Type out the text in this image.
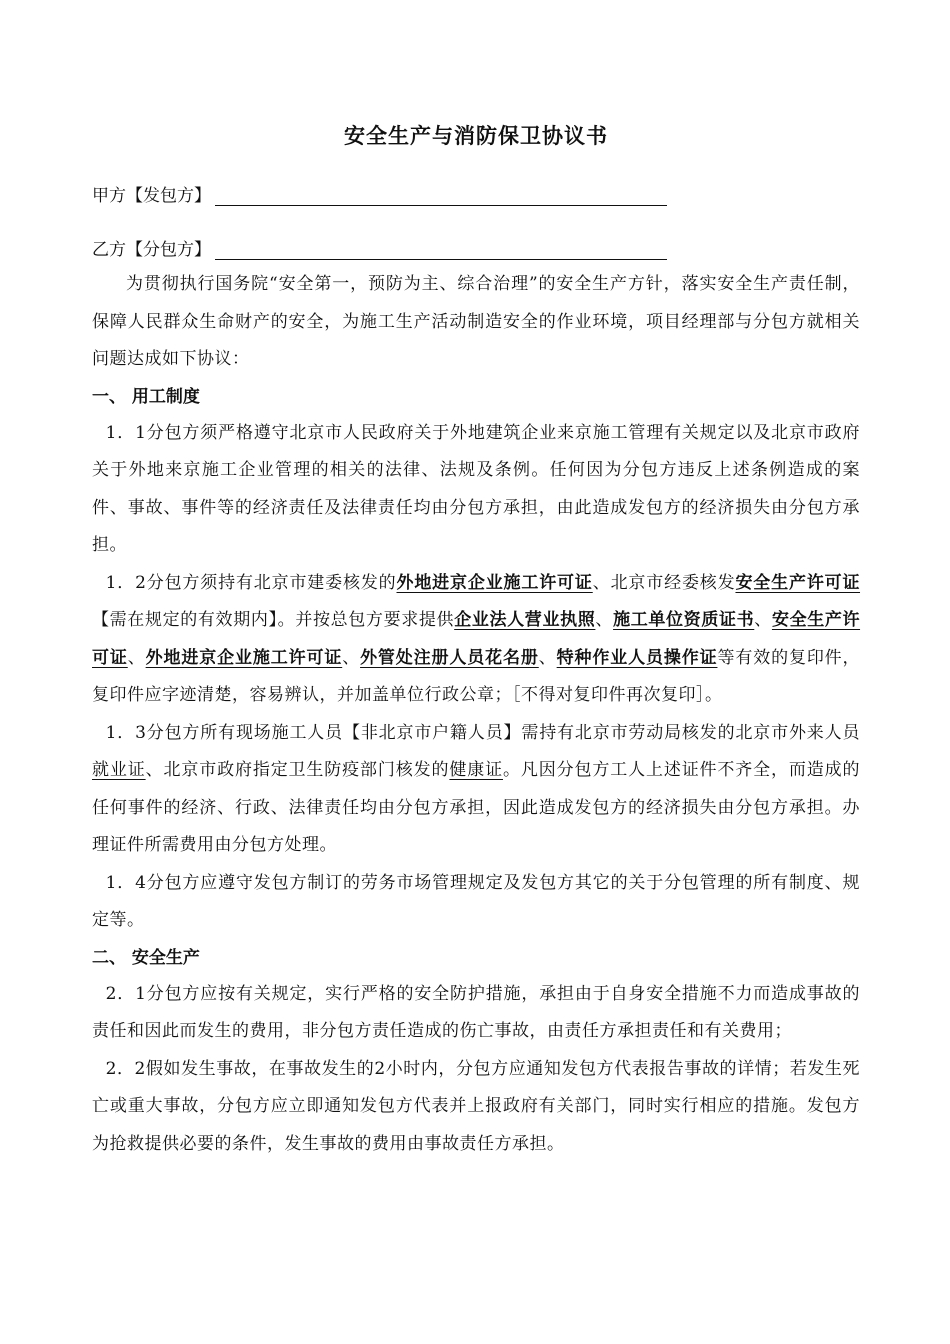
安全生产与消防保卫协议书
甲方【发包方】
乙方【分包方】

为贯彻执行国务院“安全第一，预防为主、综合治理”的安全生产方针，落实安全生产责任制，保障人民群众生命财产的安全，为施工生产活动制造安全的作业环境，项目经理部与分包方就相关问题达成如下协议：

一、 用工制度

1．1分包方须严格遵守北京市人民政府关于外地建筑企业来京施工管理有关规定以及北京市政府关于外地来京施工企业管理的相关的法律、法规及条例。任何因为分包方违反上述条例造成的案件、事故、事件等的经济责任及法律责任均由分包方承担，由此造成发包方的经济损失由分包方承担。

1．2分包方须持有北京市建委核发的外地进京企业施工许可证、北京市经委核发安全生产许可证【需在规定的有效期内】。并按总包方要求提供企业法人营业执照、施工单位资质证书、安全生产许可证、外地进京企业施工许可证、外管处注册人员花名册、特种作业人员操作证等有效的复印件，复印件应字迹清楚，容易辨认，并加盖单位行政公章；［不得对复印件再次复印］。

1．3分包方所有现场施工人员【非北京市户籍人员】需持有北京市劳动局核发的北京市外来人员就业证、北京市政府指定卫生防疫部门核发的健康证。凡因分包方工人上述证件不齐全，而造成的任何事件的经济、行政、法律责任均由分包方承担，因此造成发包方的经济损失由分包方承担。办理证件所需费用由分包方处理。

1．4分包方应遵守发包方制订的劳务市场管理规定及发包方其它的关于分包管理的所有制度、规定等。

二、 安全生产

2．1分包方应按有关规定，实行严格的安全防护措施，承担由于自身安全措施不力而造成事故的责任和因此而发生的费用，非分包方责任造成的伤亡事故，由责任方承担责任和有关费用；

2．2假如发生事故，在事故发生的2小时内，分包方应通知发包方代表报告事故的详情；若发生死亡或重大事故，分包方应立即通知发包方代表并上报政府有关部门，同时实行相应的措施。发包方为抢救提供必要的条件，发生事故的费用由事故责任方承担。
